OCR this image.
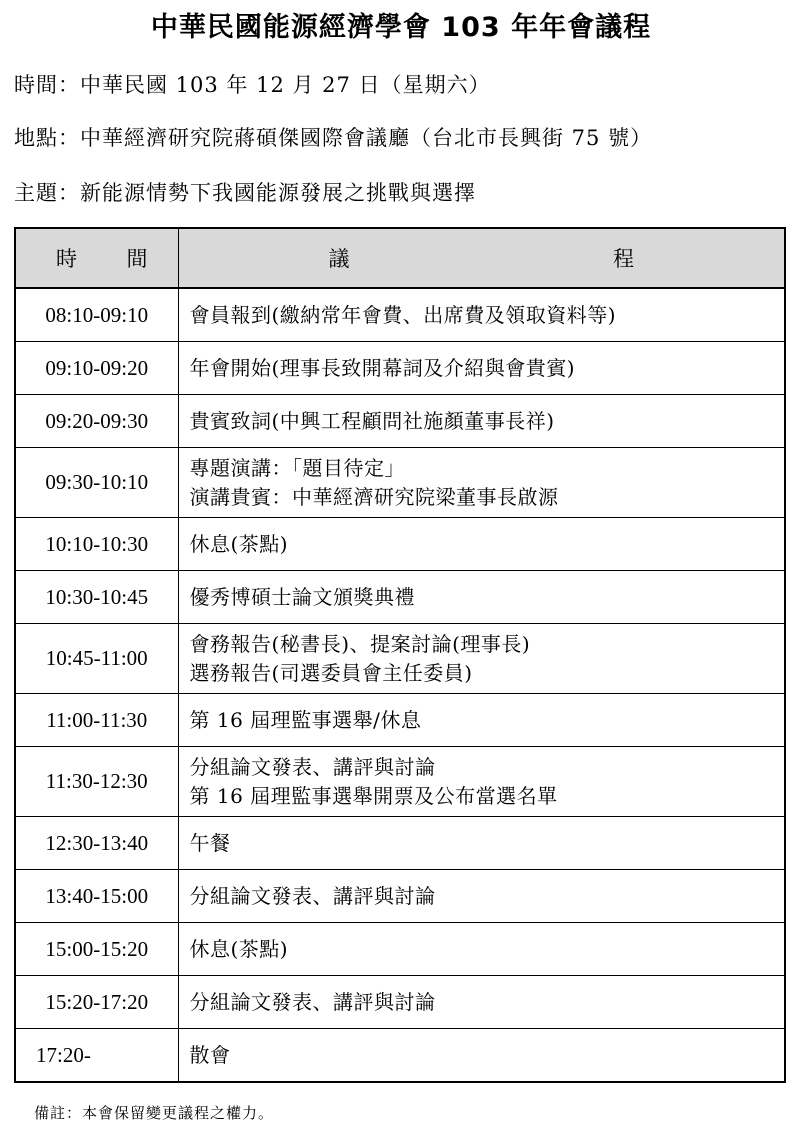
中華民國能源經濟學會 103 年年會議程
時間：中華民國 103 年 12 月 27 日（星期六）
地點：中華經濟研究院蔣碩傑國際會議廳（台北市長興街 75 號）
主題：新能源情勢下我國能源發展之挑戰與選擇
時 間	議 程

08:10-09:10	會員報到(繳納常年會費、出席費及領取資料等)

09:10-09:20	年會開始(理事長致開幕詞及介紹與會貴賓)

09:20-09:30	貴賓致詞(中興工程顧問社施顏董事長祥)

09:30-10:10	專題演講：「題目待定」
演講貴賓：中華經濟研究院梁董事長啟源

10:10-10:30	休息(茶點)

10:30-10:45	優秀博碩士論文頒獎典禮

10:45-11:00	會務報告(秘書長)、提案討論(理事長)
選務報告(司選委員會主任委員)

11:00-11:30	第 16 屆理監事選舉/休息

11:30-12:30	分組論文發表、講評與討論
第 16 屆理監事選舉開票及公布當選名單

12:30-13:40	午餐

13:40-15:00	分組論文發表、講評與討論

15:00-15:20	休息(茶點)

15:20-17:20	分組論文發表、講評與討論

17:20-	散會
備註：本會保留變更議程之權力。
